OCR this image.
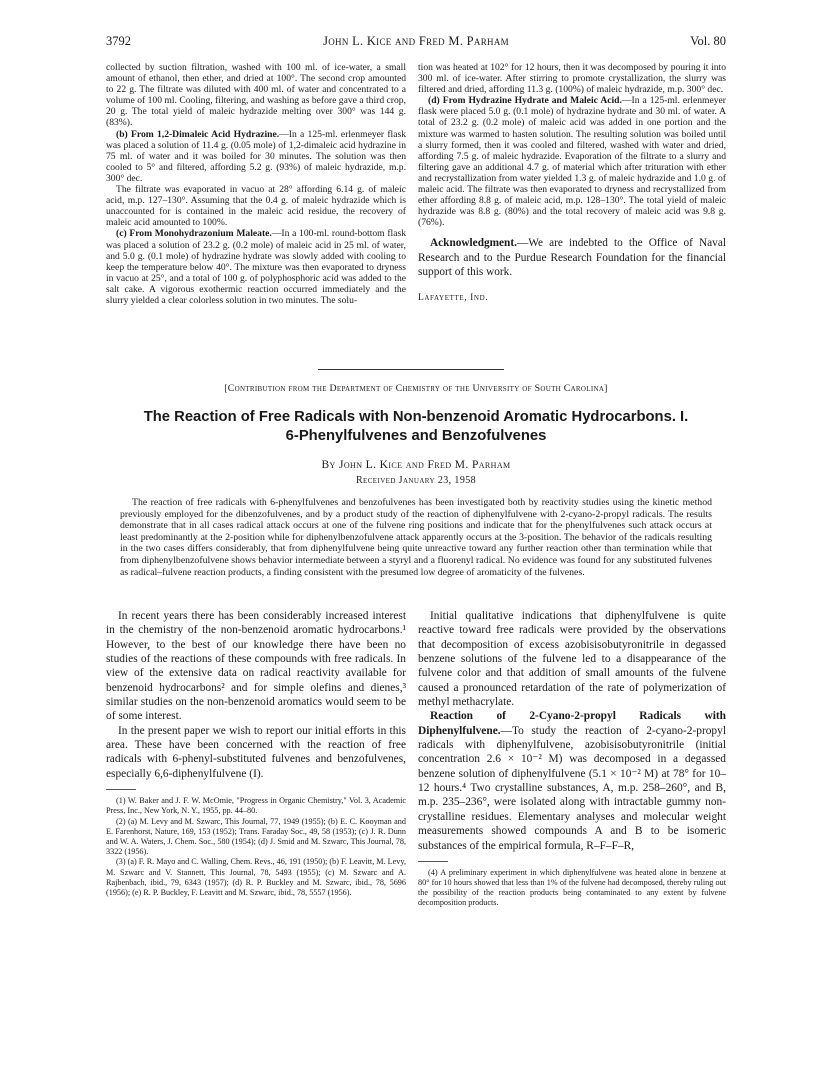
3792	John L. Kice and Fred M. Parham	Vol. 80

collected by suction filtration, washed with 100 ml. of ice-water, a small amount of ethanol, then ether, and dried at 100°. The second crop amounted to 22 g. The filtrate was diluted with 400 ml. of water and concentrated to a volume of 100 ml. Cooling, filtering, and washing as before gave a third crop, 20 g. The total yield of maleic hydrazide melting over 300° was 144 g. (83%).

(b) From 1,2-Dimaleic Acid Hydrazine.—In a 125-ml. erlenmeyer flask was placed a solution of 11.4 g. (0.05 mole) of 1,2-dimaleic acid hydrazine in 75 ml. of water and it was boiled for 30 minutes. The solution was then cooled to 5° and filtered, affording 5.2 g. (93%) of maleic hydrazide, m.p. 300° dec.

The filtrate was evaporated in vacuo at 28° affording 6.14 g. of maleic acid, m.p. 127–130°. Assuming that the 0.4 g. of maleic hydrazide which is unaccounted for is contained in the maleic acid residue, the recovery of maleic acid amounted to 100%.

(c) From Monohydrazonium Maleate.—In a 100-ml. round-bottom flask was placed a solution of 23.2 g. (0.2 mole) of maleic acid in 25 ml. of water, and 5.0 g. (0.1 mole) of hydrazine hydrate was slowly added with cooling to keep the temperature below 40°. The mixture was then evaporated to dryness in vacuo at 25°, and a total of 100 g. of polyphosphoric acid was added to the salt cake. A vigorous exothermic reaction occurred immediately and the slurry yielded a clear colorless solution in two minutes. The solu-

tion was heated at 102° for 12 hours, then it was decomposed by pouring it into 300 ml. of ice-water. After stirring to promote crystallization, the slurry was filtered and dried, affording 11.3 g. (100%) of maleic hydrazide, m.p. 300° dec.

(d) From Hydrazine Hydrate and Maleic Acid.—In a 125-ml. erlenmeyer flask were placed 5.0 g. (0.1 mole) of hydrazine hydrate and 30 ml. of water. A total of 23.2 g. (0.2 mole) of maleic acid was added in one portion and the mixture was warmed to hasten solution. The resulting solution was boiled until a slurry formed, then it was cooled and filtered, washed with water and dried, affording 7.5 g. of maleic hydrazide. Evaporation of the filtrate to a slurry and filtering gave an additional 4.7 g. of material which after trituration with ether and recrystallization from water yielded 1.3 g. of maleic hydrazide and 1.0 g. of maleic acid. The filtrate was then evaporated to dryness and recrystallized from ether affording 8.8 g. of maleic acid, m.p. 128–130°. The total yield of maleic hydrazide was 8.8 g. (80%) and the total recovery of maleic acid was 9.8 g. (76%).

Acknowledgment.—We are indebted to the Office of Naval Research and to the Purdue Research Foundation for the financial support of this work.
Lafayette, Ind.
[Contribution from the Department of Chemistry of the University of South Carolina]
The Reaction of Free Radicals with Non-benzenoid Aromatic Hydrocarbons. I.
6-Phenylfulvenes and Benzofulvenes
By John L. Kice and Fred M. Parham
Received January 23, 1958

The reaction of free radicals with 6-phenylfulvenes and benzofulvenes has been investigated both by reactivity studies using the kinetic method previously employed for the dibenzofulvenes, and by a product study of the reaction of diphenylfulvene with 2-cyano-2-propyl radicals. The results demonstrate that in all cases radical attack occurs at one of the fulvene ring positions and indicate that for the phenylfulvenes such attack occurs at least predominantly at the 2-position while for diphenylbenzofulvene attack apparently occurs at the 3-position. The behavior of the radicals resulting in the two cases differs considerably, that from diphenylfulvene being quite unreactive toward any further reaction other than termination while that from diphenylbenzofulvene shows behavior intermediate between a styryl and a fluorenyl radical. No evidence was found for any substituted fulvenes as radical–fulvene reaction products, a finding consistent with the presumed low degree of aromaticity of the fulvenes.

In recent years there has been considerably increased interest in the chemistry of the non-benzenoid aromatic hydrocarbons.¹ However, to the best of our knowledge there have been no studies of the reactions of these compounds with free radicals. In view of the extensive data on radical reactivity available for benzenoid hydrocarbons² and for simple olefins and dienes,³ similar studies on the non-benzenoid aromatics would seem to be of some interest.

In the present paper we wish to report our initial efforts in this area. These have been concerned with the reaction of free radicals with 6-phenyl-substituted fulvenes and benzofulvenes, especially 6,6-diphenylfulvene (I).

(1) W. Baker and J. F. W. McOmie, "Progress in Organic Chemistry," Vol. 3, Academic Press, Inc., New York, N. Y., 1955, pp. 44–80.

(2) (a) M. Levy and M. Szwarc, This Journal, 77, 1949 (1955); (b) E. C. Kooyman and E. Farenhorst, Nature, 169, 153 (1952); Trans. Faraday Soc., 49, 58 (1953); (c) J. R. Dunn and W. A. Waters, J. Chem. Soc., 580 (1954); (d) J. Smid and M. Szwarc, This Journal, 78, 3322 (1956).

(3) (a) F. R. Mayo and C. Walling, Chem. Revs., 46, 191 (1950); (b) F. Leavitt, M. Levy, M. Szwarc and V. Stannett, This Journal, 78, 5493 (1955); (c) M. Szwarc and A. Rajbenbach, ibid., 79, 6343 (1957); (d) R. P. Buckley and M. Szwarc, ibid., 78, 5696 (1956); (e) R. P. Buckley, F. Leavitt and M. Szwarc, ibid., 78, 5557 (1956).

Initial qualitative indications that diphenylfulvene is quite reactive toward free radicals were provided by the observations that decomposition of excess azobisisobutyronitrile in degassed benzene solutions of the fulvene led to a disappearance of the fulvene color and that addition of small amounts of the fulvene caused a pronounced retardation of the rate of polymerization of methyl methacrylate.

Reaction of 2-Cyano-2-propyl Radicals with Diphenylfulvene.—To study the reaction of 2-cyano-2-propyl radicals with diphenylfulvene, azobisisobutyronitrile (initial concentration 2.6 × 10⁻² M) was decomposed in a degassed benzene solution of diphenylfulvene (5.1 × 10⁻² M) at 78° for 10–12 hours.⁴ Two crystalline substances, A, m.p. 258–260°, and B, m.p. 235–236°, were isolated along with intractable gummy non-crystalline residues. Elementary analyses and molecular weight measurements showed compounds A and B to be isomeric substances of the empirical formula, R–F–F–R,

(4) A preliminary experiment in which diphenylfulvene was heated alone in benzene at 80° for 10 hours showed that less than 1% of the fulvene had decomposed, thereby ruling out the possibility of the reaction products being contaminated to any extent by fulvene decomposition products.
